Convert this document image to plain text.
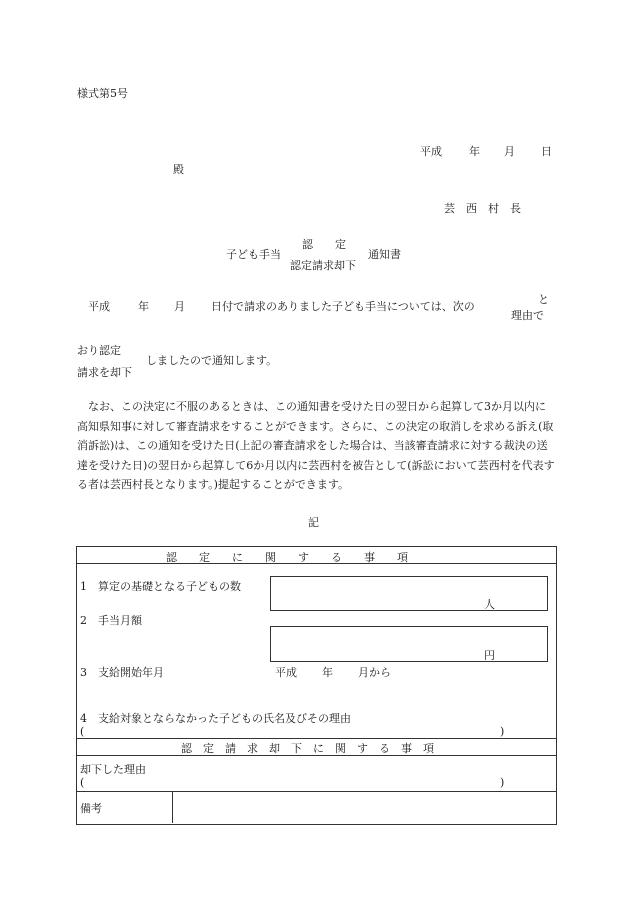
様式第5号
平成 年 月 日
殿
芸　西　村　長
子ども手当
認　　定
認定請求却下
通知書
平成	年 月 日付で請求のありました子ども手当については、次の
と
理由で
おり認定
請求を却下
しましたので通知します。
なお、この決定に不服のあるときは、この通知書を受けた日の翌日から起算して3か月以内に高知県知事に対して審査請求をすることができます。さらに、この決定の取消しを求める訴え(取消訴訟)は、この通知を受けた日(上記の審査請求をした場合は、当該審査請求に対する裁決の送達を受けた日)の翌日から起算して6か月以内に芸西村を被告として(訴訟において芸西村を代表する者は芸西村長となります。)提起することができます。
記
認　　定　　に　　関　　す　　る　　事　　項
1　算定の基礎となる子どもの数
人
2　手当月額
円
3　支給開始年月	平成 年 月から
4　支給対象とならなかった子どもの氏名及びその理由
(	)
認　定　請　求　却　下　に　関　す　る　事　項
却下した理由
(	)
備考
